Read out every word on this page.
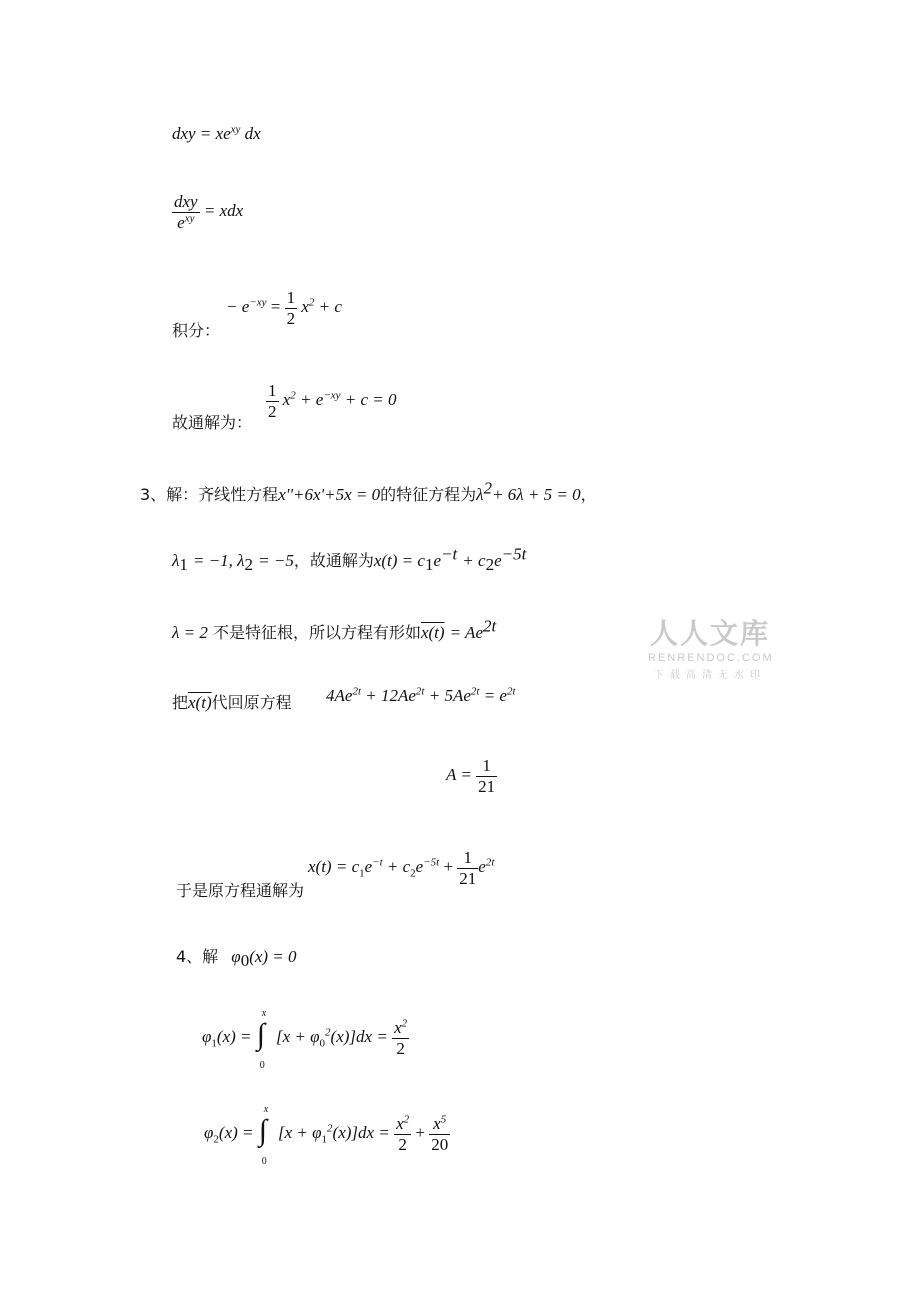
dxy = $xe^{xy}$ dx
$\frac{\text{dxy}}{e^{xy}}$ = xdx
积分：
− $e^{-xy} = \frac{1}{2} x^2 + c$
故通解为：
$\frac{1}{2} x^2 + e^{-xy} + c = 0$
3、解：齐线性方程x''+6x'+5x = 0的特征方程为$\lambda^2+ 6\lambda + 5 = 0$，
$\lambda_1 = -1$, $\lambda_2 = -5$，故通解为$x(t) = c_1e^{-t} + c_2e^{-5t}$
λ = 2 不是特征根，所以方程有形如$x(t) = Ae^{2t}$
把x(t)代回原方程 $4Ae^{2t} + 12Ae^{2t} + 5Ae^{2t} = e^{2t}$
$A = \frac{1}{21}$
于是原方程通解为
$x(t) = c_1e^{-t} + c_2e^{-5t} + \frac{1}{21} e^{2t}$
4、解 $\varphi_0(x) = 0$
$\varphi_1(x)$ = ∫
x
0
$[x + \varphi_0^2(x)]dx = \frac{x^2}{2}$
$\varphi_2(x)$ = ∫
x
0
$[x + \varphi_1^2(x)]dx = \frac{x^2}{2} + \frac{x^5}{20}$
人人文库
RENRENDOC.COM
下载高清无水印
